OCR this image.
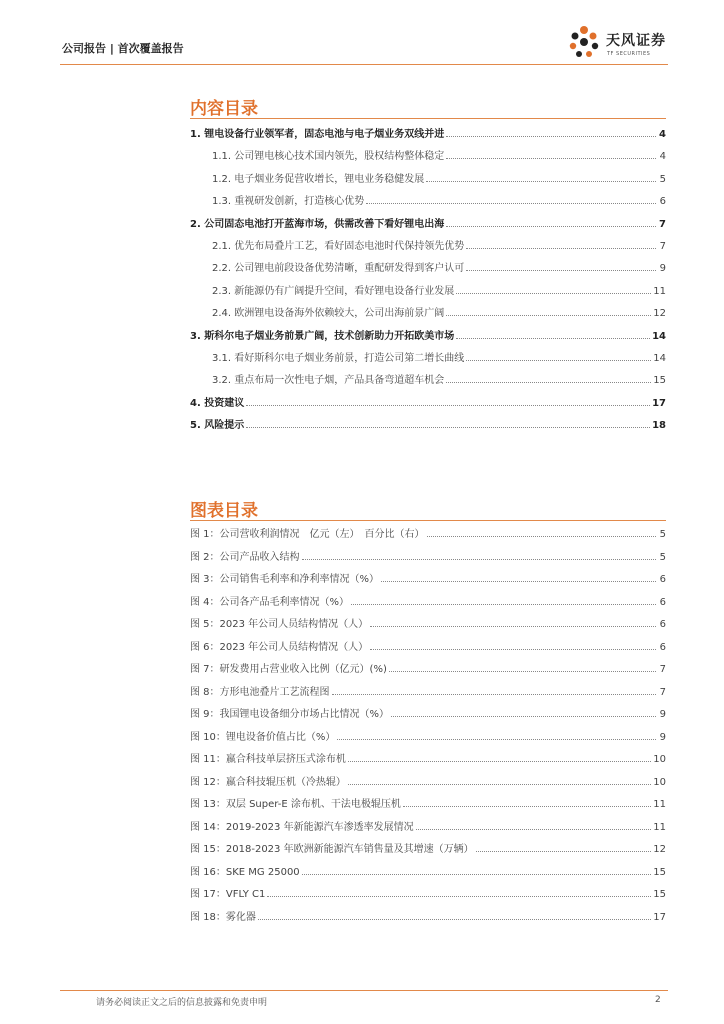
公司报告 | 首次覆盖报告	天风证券
TF SECURITIES
内容目录
1. 锂电设备行业领军者，固态电池与电子烟业务双线并进	4
1.1. 公司锂电核心技术国内领先，股权结构整体稳定	4
1.2. 电子烟业务促营收增长，锂电业务稳健发展	5
1.3. 重视研发创新，打造核心优势	6
2. 公司固态电池打开蓝海市场，供需改善下看好锂电出海	7
2.1. 优先布局叠片工艺，看好固态电池时代保持领先优势	7
2.2. 公司锂电前段设备优势清晰，重配研发得到客户认可	9
2.3. 新能源仍有广阔提升空间，看好锂电设备行业发展	11
2.4. 欧洲锂电设备海外依赖较大，公司出海前景广阔	12
3. 斯科尔电子烟业务前景广阔，技术创新助力开拓欧美市场	14
3.1. 看好斯科尔电子烟业务前景，打造公司第二增长曲线	14
3.2. 重点布局一次性电子烟，产品具备弯道超车机会	15
4. 投资建议	17
5. 风险提示	18
图表目录
图 1：公司营收利润情况　亿元（左）　百分比（右）	5
图 2：公司产品收入结构	5
图 3：公司销售毛利率和净利率情况（%）	6
图 4：公司各产品毛利率情况（%）	6
图 5：2023 年公司人员结构情况（人）	6
图 6：2023 年公司人员结构情况（人）	6
图 7：研发费用占营业收入比例（亿元）(%)	7
图 8：方形电池叠片工艺流程图	7
图 9：我国锂电设备细分市场占比情况（%）	9
图 10：锂电设备价值占比（%）	9
图 11：嬴合科技单层挤压式涂布机	10
图 12：嬴合科技辊压机（冷热辊）	10
图 13：双层 Super-E 涂布机、干法电极辊压机	11
图 14：2019-2023 年新能源汽车渗透率发展情况	11
图 15：2018-2023 年欧洲新能源汽车销售量及其增速（万辆）	12
图 16：SKE MG 25000	15
图 17：VFLY C1	15
图 18：雾化器	17
请务必阅读正文之后的信息披露和免责申明	2
